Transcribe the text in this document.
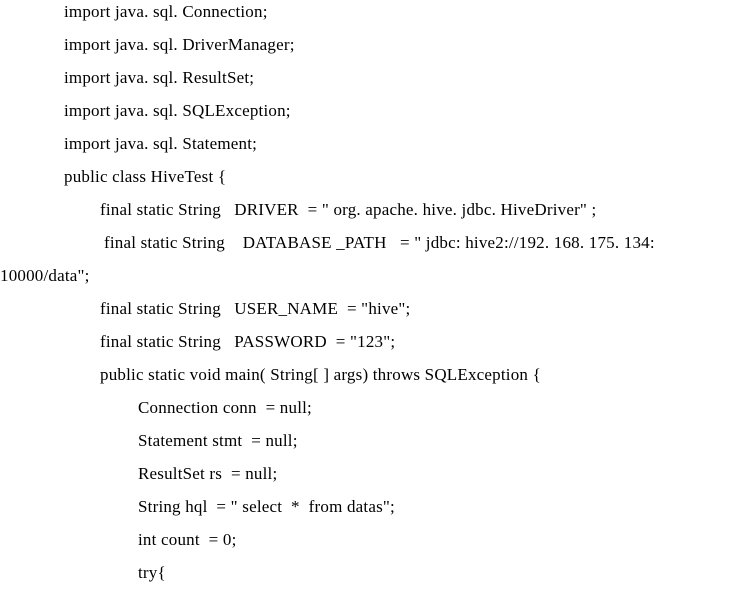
import java. sql. Connection;
import java. sql. DriverManager;
import java. sql. ResultSet;
import java. sql. SQLException;
import java. sql. Statement;
public class HiveTest {
final static String   DRIVER  = " org. apache. hive. jdbc. HiveDriver" ;
final static String    DATABASE _PATH   = " jdbc: hive2://192. 168. 175. 134:
10000/data";
final static String   USER_NAME  = "hive";
final static String   PASSWORD  = "123";
public static void main( String[ ] args) throws SQLException {
Connection conn  = null;
Statement stmt  = null;
ResultSet rs  = null;
String hql  = " select  *  from datas";
int count  = 0;
try{
